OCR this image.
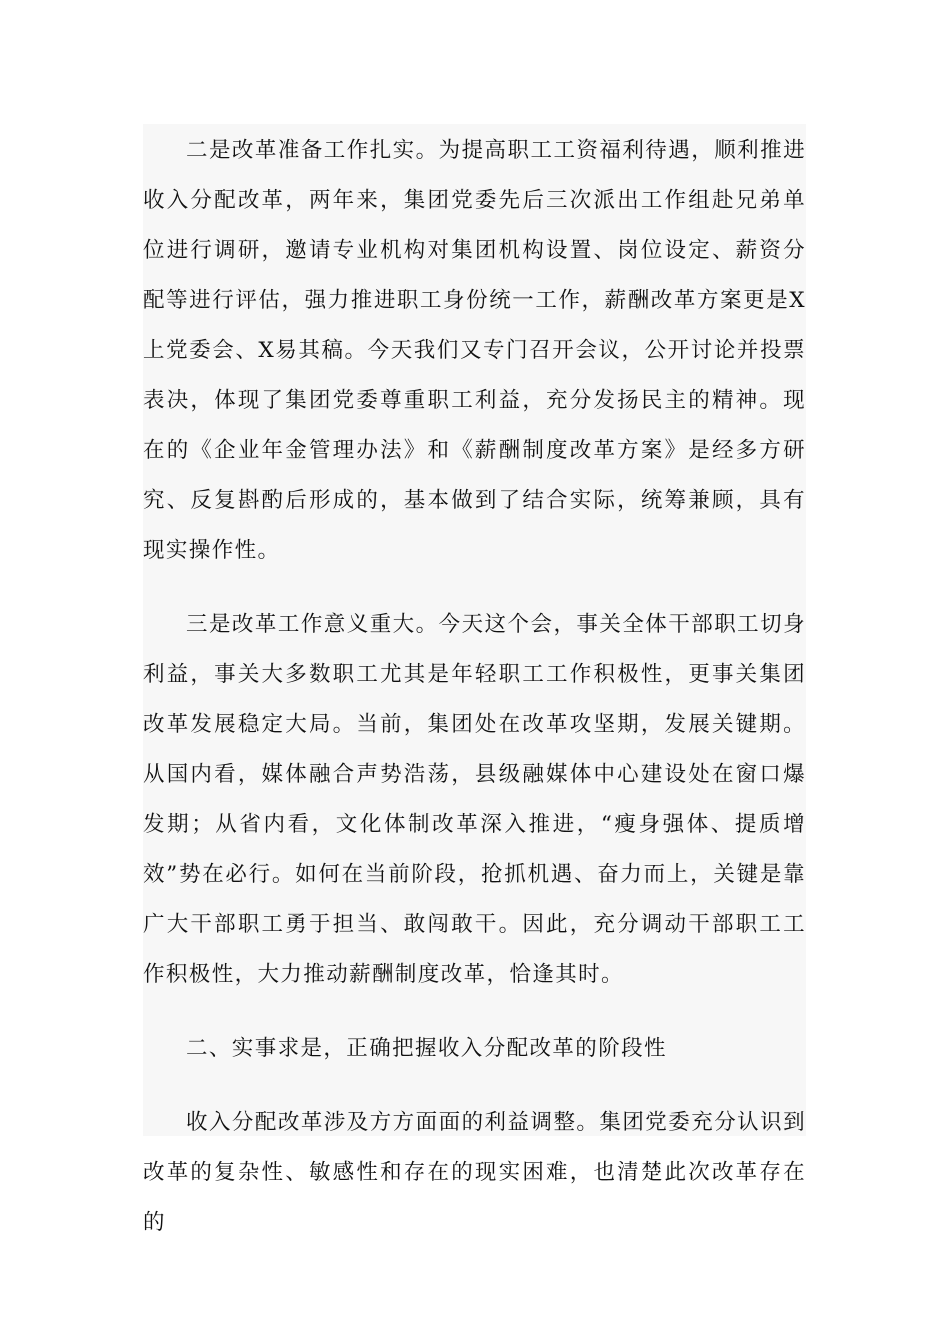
二是改革准备工作扎实。为提高职工工资福利待遇，顺利推进收入分配改革，两年来，集团党委先后三次派出工作组赴兄弟单位进行调研，邀请专业机构对集团机构设置、岗位设定、薪资分配等进行评估，强力推进职工身份统一工作，薪酬改革方案更是X上党委会、X易其稿。今天我们又专门召开会议，公开讨论并投票表决，体现了集团党委尊重职工利益，充分发扬民主的精神。现在的《企业年金管理办法》和《薪酬制度改革方案》是经多方研究、反复斟酌后形成的，基本做到了结合实际，统筹兼顾，具有现实操作性。

三是改革工作意义重大。今天这个会，事关全体干部职工切身利益，事关大多数职工尤其是年轻职工工作积极性，更事关集团改革发展稳定大局。当前，集团处在改革攻坚期，发展关键期。从国内看，媒体融合声势浩荡，县级融媒体中心建设处在窗口爆发期；从省内看，文化体制改革深入推进，“瘦身强体、提质增效”势在必行。如何在当前阶段，抢抓机遇、奋力而上，关键是靠广大干部职工勇于担当、敢闯敢干。因此，充分调动干部职工工作积极性，大力推动薪酬制度改革，恰逢其时。

二、实事求是，正确把握收入分配改革的阶段性

收入分配改革涉及方方面面的利益调整。集团党委充分认识到改革的复杂性、敏感性和存在的现实困难，也清楚此次改革存在的
